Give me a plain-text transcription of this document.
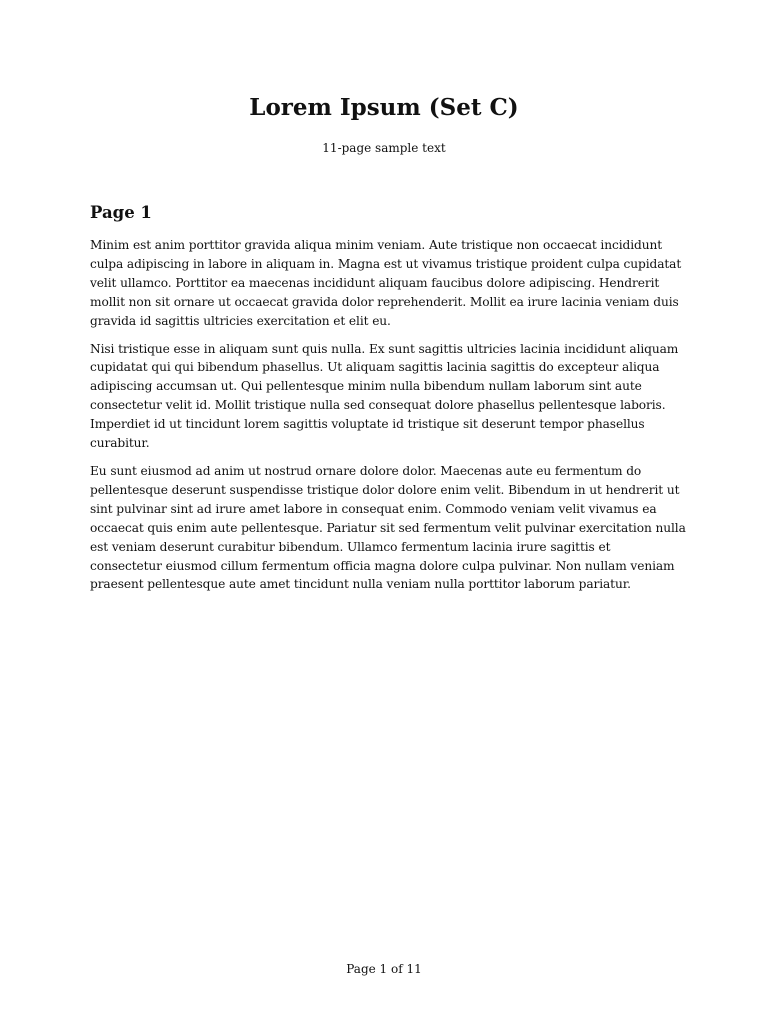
Lorem Ipsum (Set C)

11-page sample text

Page 1

Minim est anim porttitor gravida aliqua minim veniam. Aute tristique non occaecat incididunt culpa adipiscing in labore in aliquam in. Magna est ut vivamus tristique proident culpa cupidatat velit ullamco. Porttitor ea maecenas incididunt aliquam faucibus dolore adipiscing. Hendrerit mollit non sit ornare ut occaecat gravida dolor reprehenderit. Mollit ea irure lacinia veniam duis gravida id sagittis ultricies exercitation et elit eu.

Nisi tristique esse in aliquam sunt quis nulla. Ex sunt sagittis ultricies lacinia incididunt aliquam cupidatat qui qui bibendum phasellus. Ut aliquam sagittis lacinia sagittis do excepteur aliqua adipiscing accumsan ut. Qui pellentesque minim nulla bibendum nullam laborum sint aute consectetur velit id. Mollit tristique nulla sed consequat dolore phasellus pellentesque laboris. Imperdiet id ut tincidunt lorem sagittis voluptate id tristique sit deserunt tempor phasellus curabitur.

Eu sunt eiusmod ad anim ut nostrud ornare dolore dolor. Maecenas aute eu fermentum do pellentesque deserunt suspendisse tristique dolor dolore enim velit. Bibendum in ut hendrerit ut sint pulvinar sint ad irure amet labore in consequat enim. Commodo veniam velit vivamus ea occaecat quis enim aute pellentesque. Pariatur sit sed fermentum velit pulvinar exercitation nulla est veniam deserunt curabitur bibendum. Ullamco fermentum lacinia irure sagittis et consectetur eiusmod cillum fermentum officia magna dolore culpa pulvinar. Non nullam veniam praesent pellentesque aute amet tincidunt nulla veniam nulla porttitor laborum pariatur.

Page 1 of 11
